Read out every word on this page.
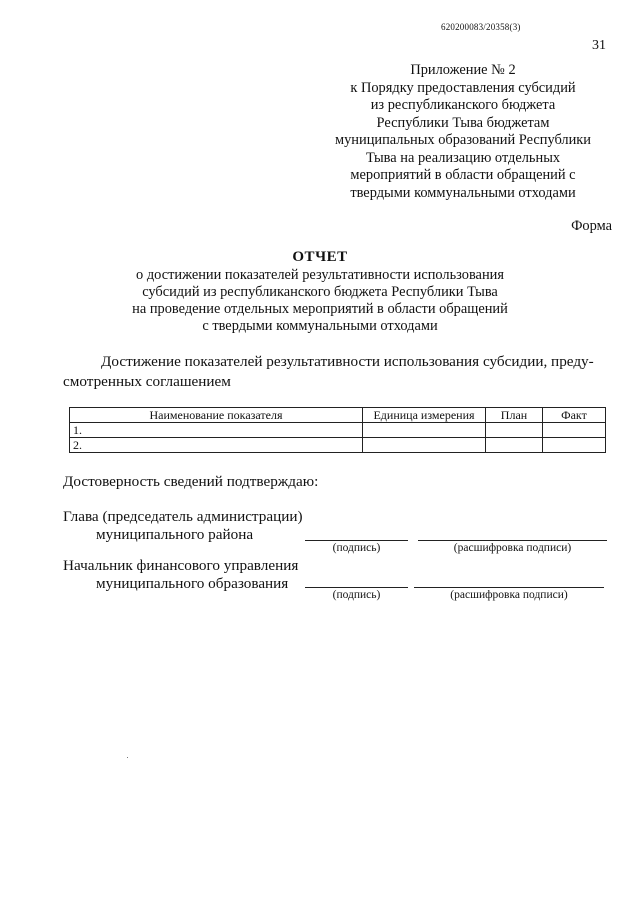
620200083/20358(3)
31
Приложение № 2
к Порядку предоставления субсидий
из республиканского бюджета
Республики Тыва бюджетам
муниципальных образований Республики
Тыва на реализацию отдельных
мероприятий в области обращений с
твердыми коммунальными отходами
Форма
ОТЧЕТ
о достижении показателей результативности использования
субсидий из республиканского бюджета Республики Тыва
на проведение отдельных мероприятий в области обращений
с твердыми коммунальными отходами
Достижение показателей результативности использования субсидии, преду-
смотренных соглашением
Наименование показателя	Единица измерения	План	Факт
1.			
2.			
Достоверность сведений подтверждаю:
Глава (председатель администрации)
муниципального района
(подпись)	(расшифровка подписи)
Начальник финансового управления
муниципального образования
(подпись)	(расшифровка подписи)
